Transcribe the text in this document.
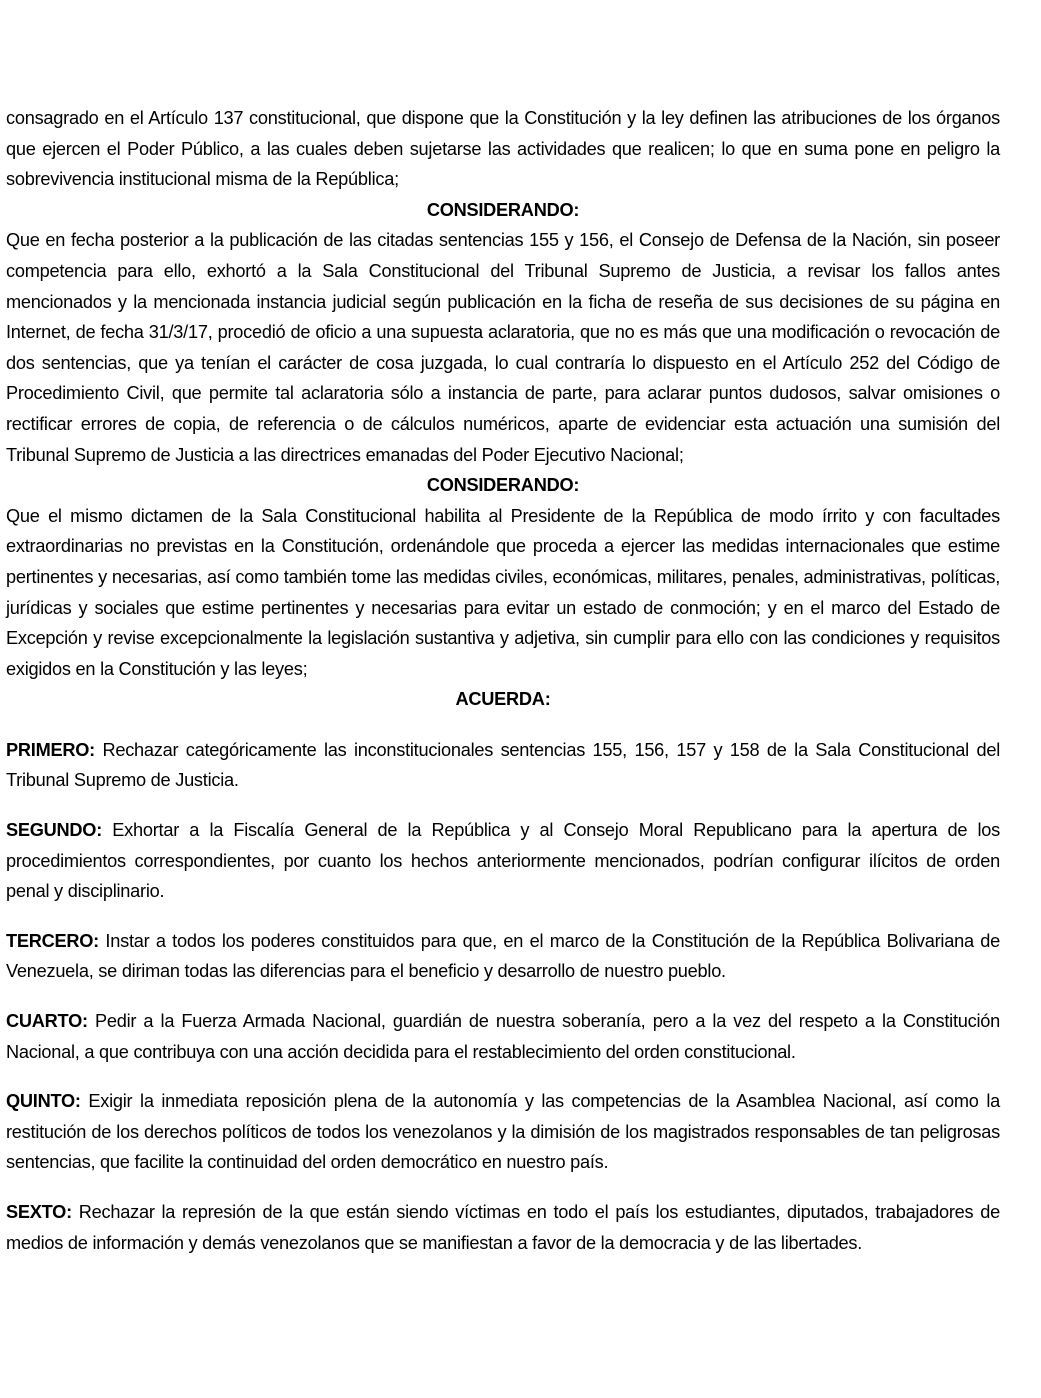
consagrado en el Artículo 137 constitucional, que dispone que la Constitución y la ley definen las atribuciones de los órganos que ejercen el Poder Público, a las cuales deben sujetarse las actividades que realicen; lo que en suma pone en peligro la sobrevivencia institucional misma de la República;

CONSIDERANDO:

Que en fecha posterior a la publicación de las citadas sentencias 155 y 156, el Consejo de Defensa de la Nación, sin poseer competencia para ello, exhortó a la Sala Constitucional del Tribunal Supremo de Justicia, a revisar los fallos antes mencionados y la mencionada instancia judicial según publicación en la ficha de reseña de sus decisiones de su página en Internet, de fecha 31/3/17, procedió de oficio a una supuesta aclaratoria, que no es más que una modificación o revocación de dos sentencias, que ya tenían el carácter de cosa juzgada, lo cual contraría lo dispuesto en el Artículo 252 del Código de Procedimiento Civil, que permite tal aclaratoria sólo a instancia de parte, para aclarar puntos dudosos, salvar omisiones o rectificar errores de copia, de referencia o de cálculos numéricos, aparte de evidenciar esta actuación una sumisión del Tribunal Supremo de Justicia a las directrices emanadas del Poder Ejecutivo Nacional;

CONSIDERANDO:

Que el mismo dictamen de la Sala Constitucional habilita al Presidente de la República de modo írrito y con facultades extraordinarias no previstas en la Constitución, ordenándole que proceda a ejercer las medidas internacionales que estime pertinentes y necesarias, así como también tome las medidas civiles, económicas, militares, penales, administrativas, políticas, jurídicas y sociales que estime pertinentes y necesarias para evitar un estado de conmoción; y en el marco del Estado de Excepción y revise excepcionalmente la legislación sustantiva y adjetiva, sin cumplir para ello con las condiciones y requisitos exigidos en la Constitución y las leyes;

ACUERDA:

PRIMERO: Rechazar categóricamente las inconstitucionales sentencias 155, 156, 157 y 158 de la Sala Constitucional del Tribunal Supremo de Justicia.

SEGUNDO: Exhortar a la Fiscalía General de la República y al Consejo Moral Republicano para la apertura de los procedimientos correspondientes, por cuanto los hechos anteriormente mencionados, podrían configurar ilícitos de orden penal y disciplinario.

TERCERO: Instar a todos los poderes constituidos para que, en el marco de la Constitución de la República Bolivariana de Venezuela, se diriman todas las diferencias para el beneficio y desarrollo de nuestro pueblo.

CUARTO: Pedir a la Fuerza Armada Nacional, guardián de nuestra soberanía, pero a la vez del respeto a la Constitución Nacional, a que contribuya con una acción decidida para el restablecimiento del orden constitucional.

QUINTO: Exigir la inmediata reposición plena de la autonomía y las competencias de la Asamblea Nacional, así como la restitución de los derechos políticos de todos los venezolanos y la dimisión de los magistrados responsables de tan peligrosas sentencias, que facilite la continuidad del orden democrático en nuestro país.

SEXTO: Rechazar la represión de la que están siendo víctimas en todo el país los estudiantes, diputados, trabajadores de medios de información y demás venezolanos que se manifiestan a favor de la democracia y de las libertades.
